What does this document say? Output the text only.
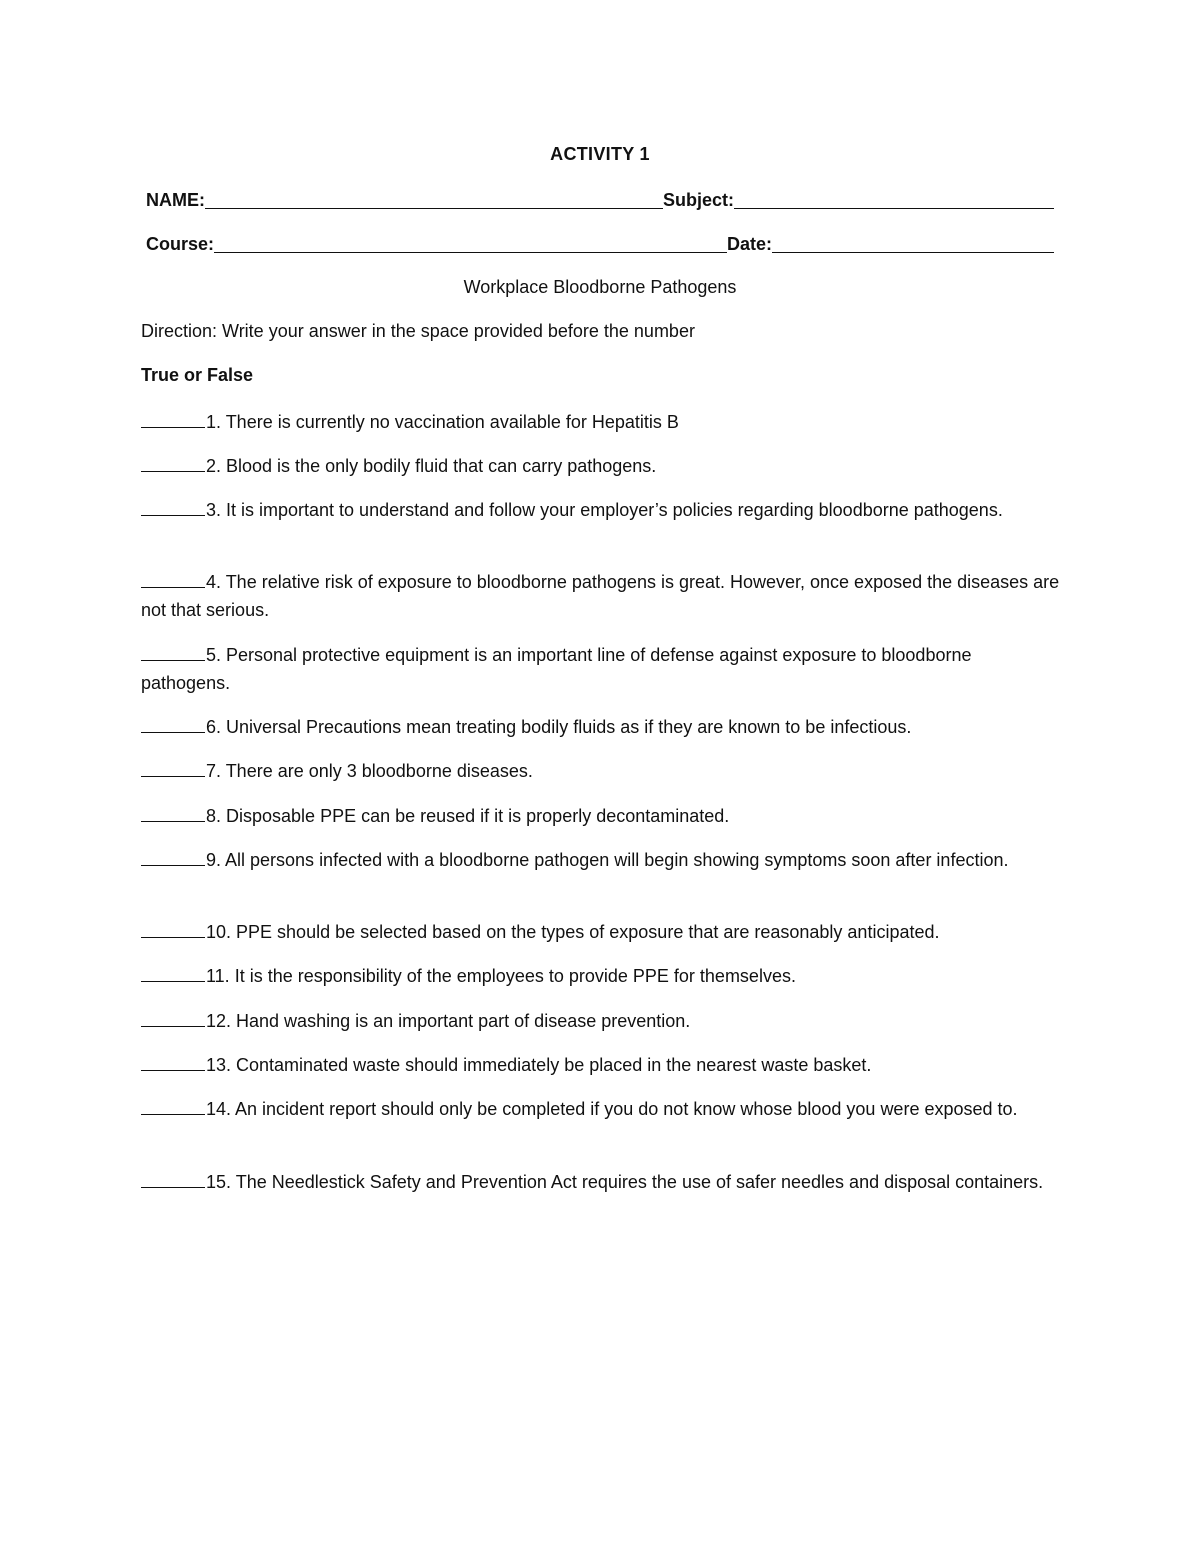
ACTIVITY 1
NAME:	Subject:
Course:	Date:
Workplace Bloodborne Pathogens
Direction: Write your answer in the space provided before the number
True or False
1. There is currently no vaccination available for Hepatitis B
2. Blood is the only bodily fluid that can carry pathogens.
3. It is important to understand and follow your employer’s policies regarding bloodborne pathogens.
4. The relative risk of exposure to bloodborne pathogens is great. However, once exposed the diseases are not that serious.
5. Personal protective equipment is an important line of defense against exposure to bloodborne pathogens.
6. Universal Precautions mean treating bodily fluids as if they are known to be infectious.
7. There are only 3 bloodborne diseases.
8. Disposable PPE can be reused if it is properly decontaminated.
9. All persons infected with a bloodborne pathogen will begin showing symptoms soon after infection.
10. PPE should be selected based on the types of exposure that are reasonably anticipated.
11. It is the responsibility of the employees to provide PPE for themselves.
12. Hand washing is an important part of disease prevention.
13. Contaminated waste should immediately be placed in the nearest waste basket.
14. An incident report should only be completed if you do not know whose blood you were exposed to.
15. The Needlestick Safety and Prevention Act requires the use of safer needles and disposal containers.
